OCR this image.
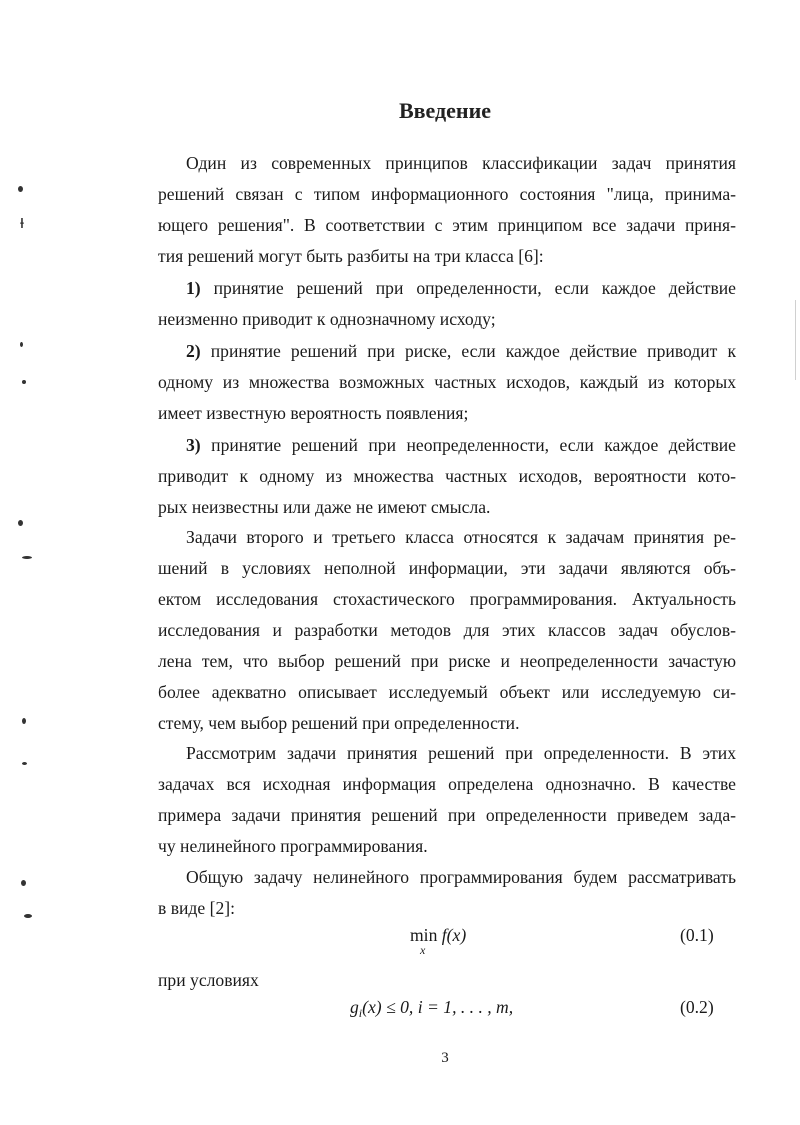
Введение
Один из современных принципов классификации задач принятия
решений связан с типом информационного состояния "лица, принима-
ющего решения". В соответствии с этим принципом все задачи приня-
тия решений могут быть разбиты на три класса [6]:
1) принятие решений при определенности, если каждое действие
неизменно приводит к однозначному исходу;
2) принятие решений при риске, если каждое действие приводит к
одному из множества возможных частных исходов, каждый из которых
имеет известную вероятность появления;
3) принятие решений при неопределенности, если каждое действие
приводит к одному из множества частных исходов, вероятности кото-
рых неизвестны или даже не имеют смысла.
Задачи второго и третьего класса относятся к задачам принятия ре-
шений в условиях неполной информации, эти задачи являются объ-
ектом исследования стохастического программирования. Актуальность
исследования и разработки методов для этих классов задач обуслов-
лена тем, что выбор решений при риске и неопределенности зачастую
более адекватно описывает исследуемый объект или исследуемую си-
стему, чем выбор решений при определенности.
Рассмотрим задачи принятия решений при определенности. В этих
задачах вся исходная информация определена однозначно. В качестве
примера задачи принятия решений при определенности приведем зада-
чу нелинейного программирования.
Общую задачу нелинейного программирования будем рассматривать
в виде [2]:
min
x
f(x)	(0.1)
при условиях
$g_i(x) \le 0$, i = 1, . . . , m,	(0.2)
3
ᵼ
